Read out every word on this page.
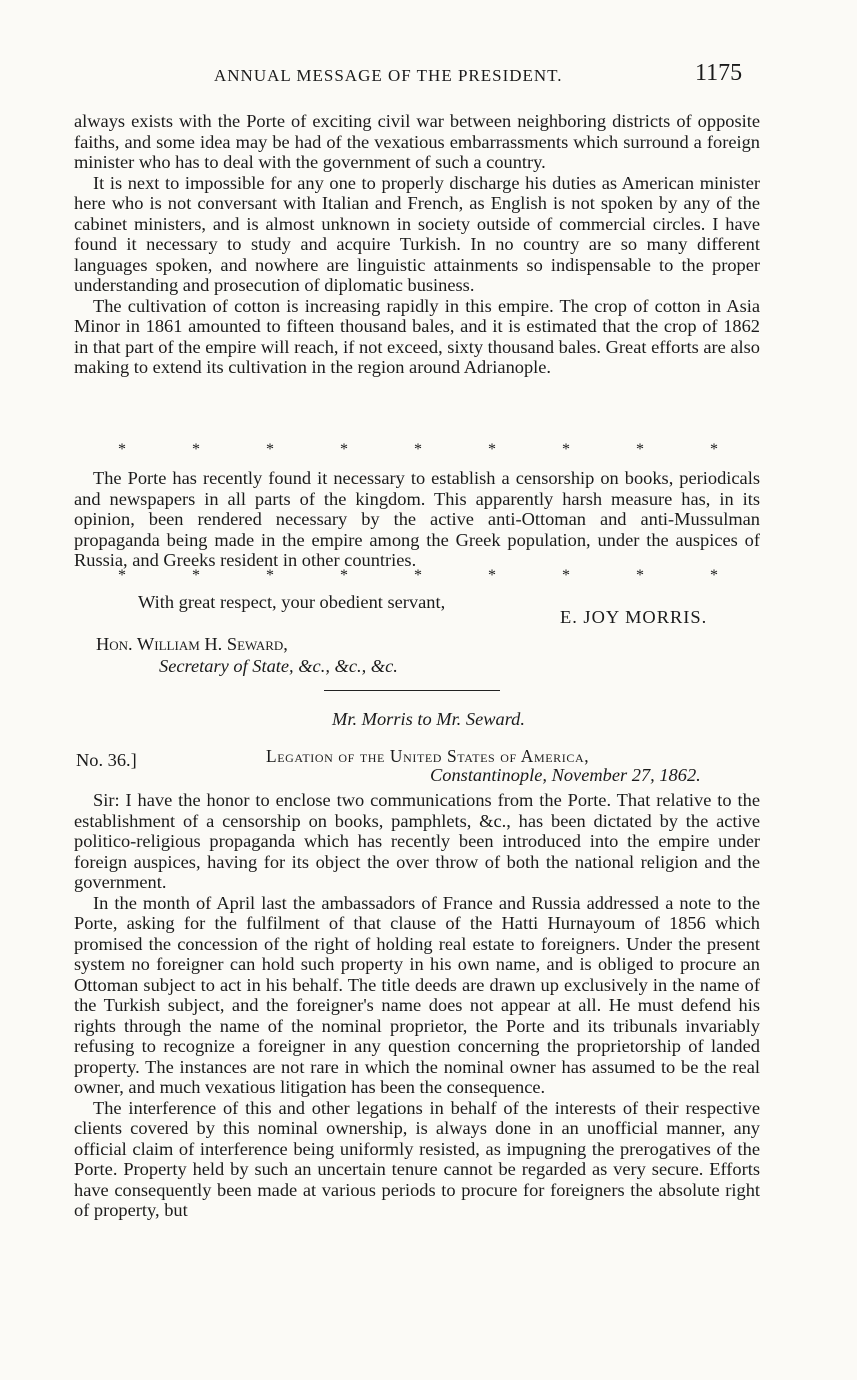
ANNUAL MESSAGE OF THE PRESIDENT.	1175

always exists with the Porte of exciting civil war between neighboring districts of opposite faiths, and some idea may be had of the vexatious embarrassments which surround a foreign minister who has to deal with the government of such a country.

It is next to impossible for any one to properly discharge his duties as American minister here who is not conversant with Italian and French, as English is not spoken by any of the cabinet ministers, and is almost unknown in society outside of commercial circles. I have found it necessary to study and acquire Turkish. In no country are so many different languages spoken, and nowhere are linguistic attainments so indispensable to the proper understanding and prosecution of diplomatic business.

The cultivation of cotton is increasing rapidly in this empire. The crop of cotton in Asia Minor in 1861 amounted to fifteen thousand bales, and it is estimated that the crop of 1862 in that part of the empire will reach, if not exceed, sixty thousand bales. Great efforts are also making to extend its cultivation in the region around Adrianople.

*	*	*	*	*	*	*	*	*

The Porte has recently found it necessary to establish a censorship on books, periodicals and newspapers in all parts of the kingdom. This apparently harsh measure has, in its opinion, been rendered necessary by the active anti-Ottoman and anti-Mussulman propaganda being made in the empire among the Greek population, under the auspices of Russia, and Greeks resident in other countries.

*	*	*	*	*	*	*	*	*
With great respect, your obedient servant,
E. JOY MORRIS.
Hon. William H. Seward,
Secretary of State, &c., &c., &c.
Mr. Morris to Mr. Seward.
No. 36.]	Legation of the United States of America,
Constantinople, November 27, 1862.

Sir: I have the honor to enclose two communications from the Porte. That relative to the establishment of a censorship on books, pamphlets, &c., has been dictated by the active politico-religious propaganda which has recently been introduced into the empire under foreign auspices, having for its object the over throw of both the national religion and the government.

In the month of April last the ambassadors of France and Russia addressed a note to the Porte, asking for the fulfilment of that clause of the Hatti Hurnayoum of 1856 which promised the concession of the right of holding real estate to foreigners. Under the present system no foreigner can hold such property in his own name, and is obliged to procure an Ottoman subject to act in his behalf. The title deeds are drawn up exclusively in the name of the Turkish subject, and the foreigner's name does not appear at all. He must defend his rights through the name of the nominal proprietor, the Porte and its tribunals invariably refusing to recognize a foreigner in any question concerning the proprietorship of landed property. The instances are not rare in which the nominal owner has assumed to be the real owner, and much vexatious litigation has been the consequence.

The interference of this and other legations in behalf of the interests of their respective clients covered by this nominal ownership, is always done in an unofficial manner, any official claim of interference being uniformly resisted, as impugning the prerogatives of the Porte. Property held by such an uncertain tenure cannot be regarded as very secure. Efforts have consequently been made at various periods to procure for foreigners the absolute right of property, but
